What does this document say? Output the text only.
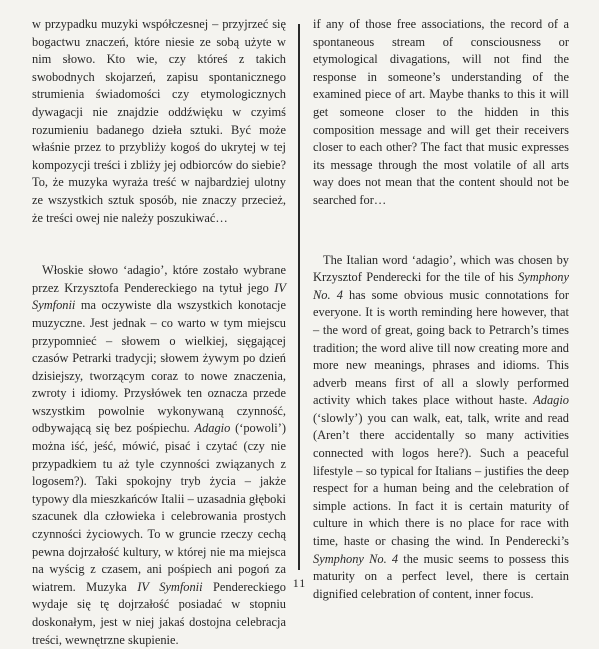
w przypadku muzyki współczesnej – przyjrzeć się bogactwu znaczeń, które niesie ze sobą użyte w nim słowo. Kto wie, czy któreś z takich swobodnych skojarzeń, zapisu spontanicznego strumienia świadomości czy etymologicznych dywagacji nie znajdzie oddźwięku w czyimś rozumieniu badanego dzieła sztuki. Być może właśnie przez to przybliży kogoś do ukrytej w tej kompozycji treści i zbliży jej odbiorców do siebie? To, że muzyka wyraża treść w najbardziej ulotny ze wszystkich sztuk sposób, nie znaczy przecież, że treści owej nie należy poszukiwać…

Włoskie słowo ‘adagio’, które zostało wybrane przez Krzysztofa Pendereckiego na tytuł jego IV Symfonii ma oczywiste dla wszystkich konotacje muzyczne. Jest jednak – co warto w tym miejscu przypomnieć – słowem o wielkiej, sięgającej czasów Petrarki tradycji; słowem żywym po dzień dzisiejszy, tworzącym coraz to nowe znaczenia, zwroty i idiomy. Przysłówek ten oznacza przede wszystkim powolnie wykonywaną czynność, odbywającą się bez pośpiechu. Adagio (‘powoli’) można iść, jeść, mówić, pisać i czytać (czy nie przypadkiem tu aż tyle czynności związanych z logosem?). Taki spokojny tryb życia – jakże typowy dla mieszkańców Italii – uzasadnia głęboki szacunek dla człowieka i celebrowania prostych czynności życiowych. To w gruncie rzeczy cechą pewna dojrzałość kultury, w której nie ma miejsca na wyścig z czasem, ani pośpiech ani pogoń za wiatrem. Muzyka IV Symfonii Pendereckiego wydaje się tę dojrzałość posiadać w stopniu doskonałym, jest w niej jakaś dostojna celebracja treści, wewnętrzne skupienie.

if any of those free associations, the record of a spontaneous stream of consciousness or etymological divagations, will not find the response in someone’s understanding of the examined piece of art. Maybe thanks to this it will get someone closer to the hidden in this composition message and will get their receivers closer to each other? The fact that music expresses its message through the most volatile of all arts way does not mean that the content should not be searched for…

The Italian word ‘adagio’, which was chosen by Krzysztof Penderecki for the tile of his Symphony No. 4 has some obvious music connotations for everyone. It is worth reminding here however, that – the word of great, going back to Petrarch’s times tradition; the word alive till now creating more and more new meanings, phrases and idioms. This adverb means first of all a slowly performed activity which takes place without haste. Adagio (‘slowly’) you can walk, eat, talk, write and read (Aren’t there accidentally so many activities connected with logos here?). Such a peaceful lifestyle – so typical for Italians – justifies the deep respect for a human being and the celebration of simple actions. In fact it is certain maturity of culture in which there is no place for race with time, haste or chasing the wind. In Penderecki’s Symphony No. 4 the music seems to possess this maturity on a perfect level, there is certain dignified celebration of content, inner focus.

11
